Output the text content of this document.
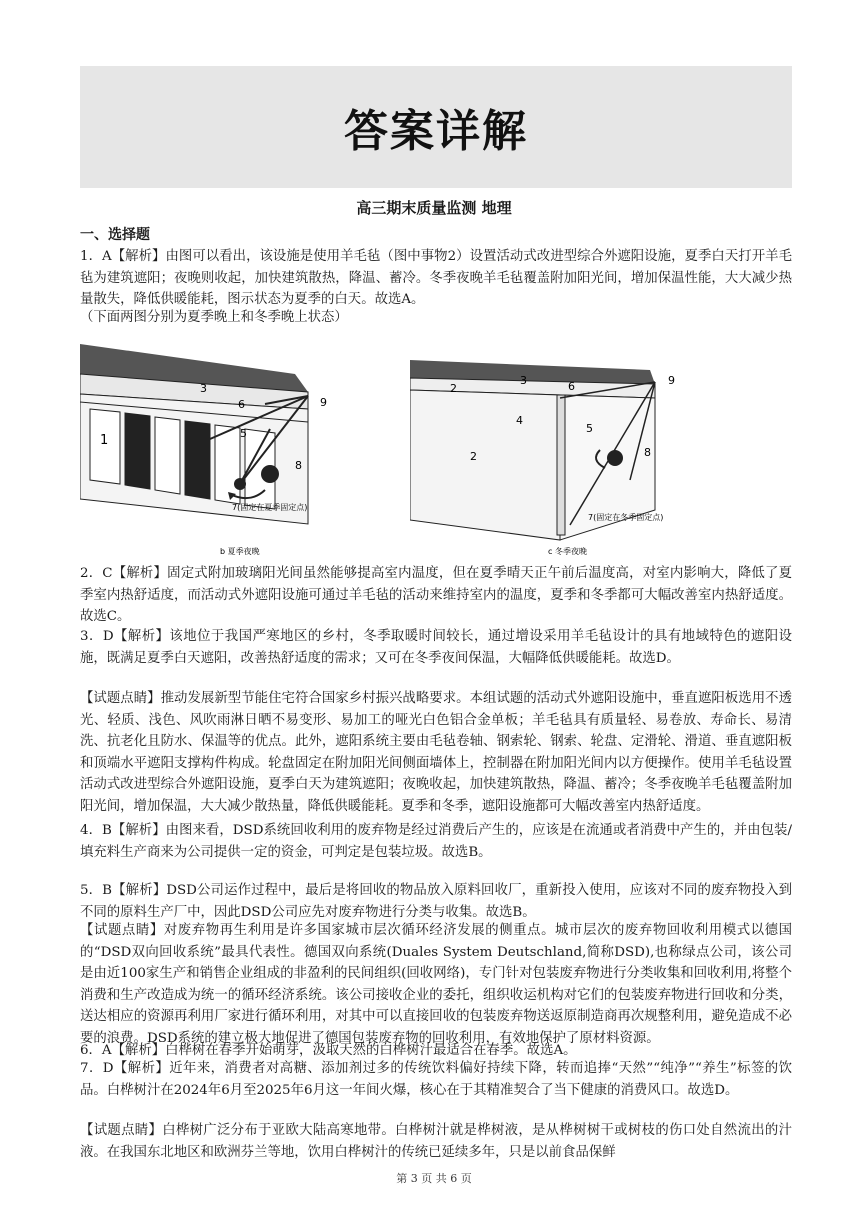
答案详解
高三期末质量监测 地理
一、选择题
1．A【解析】由图可以看出，该设施是使用羊毛毡（图中事物2）设置活动式改进型综合外遮阳设施，夏季白天打开羊毛毡为建筑遮阳；夜晚则收起，加快建筑散热，降温、蓄冷。冬季夜晚羊毛毡覆盖附加阳光间，增加保温性能，大大减少热量散失，降低供暖能耗，图示状态为夏季的白天。故选A。
（下面两图分别为夏季晚上和冬季晚上状态）
1
3
5
6
8
9
7(固定在夏季固定点)
b 夏季夜晚
2
2
3
4
5
6
8
9
7(固定在冬季固定点)
c 冬季夜晚
2．C【解析】固定式附加玻璃阳光间虽然能够提高室内温度，但在夏季晴天正午前后温度高，对室内影响大，降低了夏季室内热舒适度，而活动式外遮阳设施可通过羊毛毡的活动来维持室内的温度，夏季和冬季都可大幅改善室内热舒适度。故选C。
3．D【解析】该地位于我国严寒地区的乡村，冬季取暖时间较长，通过增设采用羊毛毡设计的具有地域特色的遮阳设施，既满足夏季白天遮阳，改善热舒适度的需求；又可在冬季夜间保温，大幅降低供暖能耗。故选D。
【试题点睛】推动发展新型节能住宅符合国家乡村振兴战略要求。本组试题的活动式外遮阳设施中，垂直遮阳板选用不透光、轻质、浅色、风吹雨淋日晒不易变形、易加工的哑光白色铝合金单板；羊毛毡具有质量轻、易卷放、寿命长、易清洗、抗老化且防水、保温等的优点。此外，遮阳系统主要由毛毡卷轴、钢索轮、钢索、轮盘、定滑轮、滑道、垂直遮阳板和顶端水平遮阳支撑构件构成。轮盘固定在附加阳光间侧面墙体上，控制器在附加阳光间内以方便操作。使用羊毛毡设置活动式改进型综合外遮阳设施，夏季白天为建筑遮阳；夜晚收起，加快建筑散热，降温、蓄冷；冬季夜晚羊毛毡覆盖附加阳光间，增加保温，大大减少散热量，降低供暖能耗。夏季和冬季，遮阳设施都可大幅改善室内热舒适度。
4．B【解析】由图来看，DSD系统回收利用的废弃物是经过消费后产生的，应该是在流通或者消费中产生的，并由包装/填充料生产商来为公司提供一定的资金，可判定是包装垃圾。故选B。
5．B【解析】DSD公司运作过程中，最后是将回收的物品放入原料回收厂，重新投入使用，应该对不同的废弃物投入到不同的原料生产厂中，因此DSD公司应先对废弃物进行分类与收集。故选B。
【试题点睛】对废弃物再生利用是许多国家城市层次循环经济发展的侧重点。城市层次的废弃物回收利用模式以德国的“DSD双向回收系统”最具代表性。德国双向系统(Duales System Deutschland,简称DSD),也称绿点公司，该公司是由近100家生产和销售企业组成的非盈利的民间组织(回收网络)，专门针对包装废弃物进行分类收集和回收利用,将整个消费和生产改造成为统一的循环经济系统。该公司接收企业的委托，组织收运机构对它们的包装废弃物进行回收和分类，送达相应的资源再利用厂家进行循环利用，对其中可以直接回收的包装废弃物送返原制造商再次规整利用，避免造成不必要的浪费。DSD系统的建立极大地促进了德国包装废弃物的回收利用，有效地保护了原材料资源。
6．A【解析】白桦树在春季开始萌芽，汲取天然的白桦树汁最适合在春季。故选A。
7．D【解析】近年来，消费者对高糖、添加剂过多的传统饮料偏好持续下降，转而追捧“天然”“纯净”“养生”标签的饮品。白桦树汁在2024年6月至2025年6月这一年间火爆，核心在于其精准契合了当下健康的消费风口。故选D。
【试题点睛】白桦树广泛分布于亚欧大陆高寒地带。白桦树汁就是桦树液，是从桦树树干或树枝的伤口处自然流出的汁液。在我国东北地区和欧洲芬兰等地，饮用白桦树汁的传统已延续多年，只是以前食品保鲜
第 3 页 共 6 页
